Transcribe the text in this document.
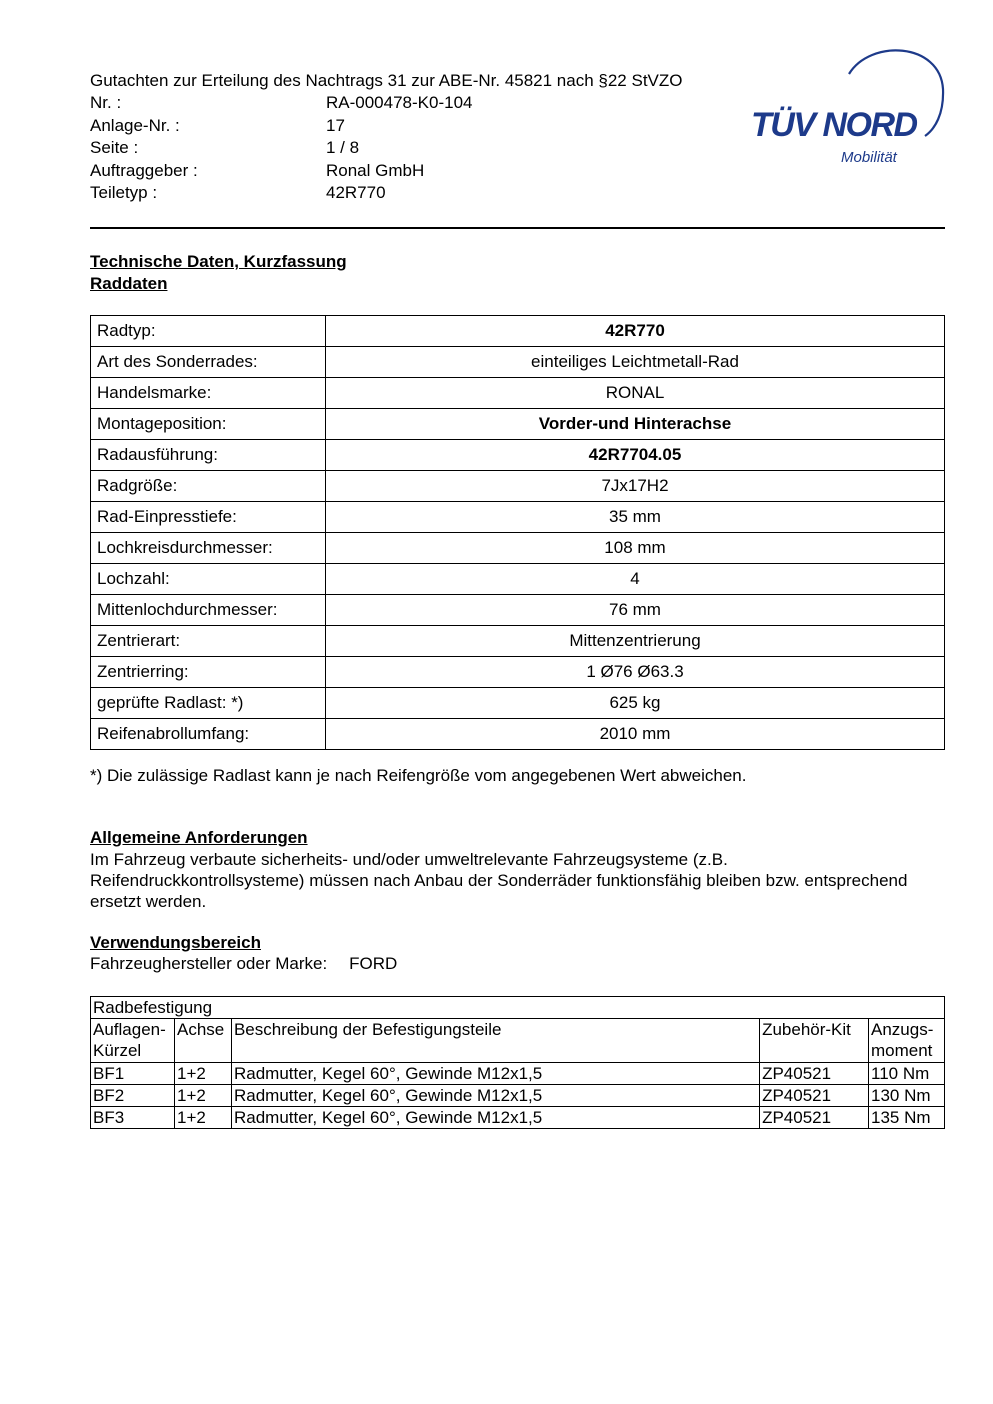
Gutachten zur Erteilung des Nachtrags 31 zur ABE-Nr. 45821 nach §22 StVZO
Nr. :	RA-000478-K0-104
Anlage-Nr. :	17
Seite :	1 / 8
Auftraggeber :	Ronal GmbH
Teiletyp :	42R770
TÜV NORD
Mobilität
Technische Daten, Kurzfassung
Raddaten
Radtyp:	42R770
Art des Sonderrades:	einteiliges Leichtmetall-Rad
Handelsmarke:	RONAL
Montageposition:	Vorder-und Hinterachse
Radausführung:	42R7704.05
Radgröße:	7Jx17H2
Rad-Einpresstiefe:	35 mm
Lochkreisdurchmesser:	108 mm
Lochzahl:	4
Mittenlochdurchmesser:	76 mm
Zentrierart:	Mittenzentrierung
Zentrierring:	1 Ø76 Ø63.3
geprüfte Radlast: *)	625 kg
Reifenabrollumfang:	2010 mm
*) Die zulässige Radlast kann je nach Reifengröße vom angegebenen Wert abweichen.
Allgemeine Anforderungen
Im Fahrzeug verbaute sicherheits- und/oder umweltrelevante Fahrzeugsysteme (z.B. Reifendruckkontrollsysteme) müssen nach Anbau der Sonderräder funktionsfähig bleiben bzw. entsprechend ersetzt werden.
Verwendungsbereich
Fahrzeughersteller oder Marke: FORD
Radbefestigung				
Auflagen-
Kürzel	Achse	Beschreibung der Befestigungsteile	Zubehör-Kit	Anzugs-
moment
BF1	1+2	Radmutter, Kegel 60°, Gewinde M12x1,5	ZP40521	110 Nm
BF2	1+2	Radmutter, Kegel 60°, Gewinde M12x1,5	ZP40521	130 Nm
BF3	1+2	Radmutter, Kegel 60°, Gewinde M12x1,5	ZP40521	135 Nm
